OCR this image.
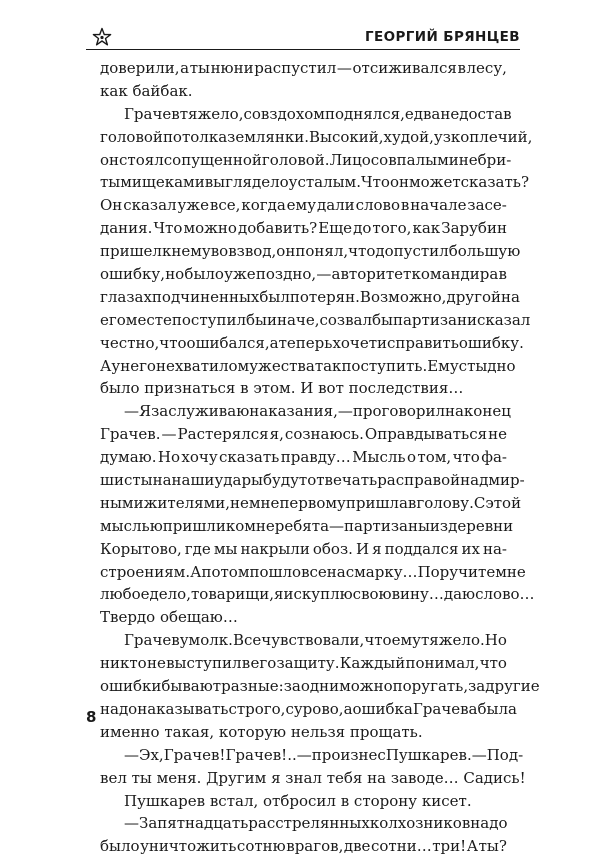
ГЕОРГИЙ БРЯНЦЕВ
доверили, а ты нюни распустил — отсиживался в лесу,
как байбак.
Грачев тяжело, со вздохом поднялся, едва не достав
головой потолка землянки. Высокий, худой, узкоплечий,
он стоял с опущенной головой. Лицо со впалыми небри-
тыми щеками выглядело усталым. Что он может сказать?
Он сказал уже все, когда ему дали слово в начале засе-
дания. Что можно добавить? Еще до того, как Зарубин
пришел к нему во взвод, он понял, что допустил большую
ошибку, но было уже поздно, — авторитет командира в
глазах подчиненных был потерян. Возможно, другой на
его месте поступил бы иначе, созвал бы партизан и сказал
честно, что ошибался, а теперь хочет исправить ошибку.
А у него не хватило мужества так поступить. Ему стыдно
было признаться в этом. И вот последствия…
— Я заслуживаю наказания, — проговорил наконец
Грачев. — Растерялся я, сознаюсь. Оправдываться не
думаю. Но хочу сказать правду… Мысль о том, что фа-
шисты на наши удары будут отвечать расправой над мир-
ными жителями, не мне первому пришла в голову. С этой
мыслью пришли ко мне ребята — партизаны из деревни
Корытово, где мы накрыли обоз. И я поддался их на-
строениям. А потом пошло все насмарку… Поручите мне
любое дело, товарищи, я искуплю свою вину… даю слово…
Твердо обещаю…
Грачев умолк. Все чувствовали, что ему тяжело. Но
никто не выступил в его защиту. Каждый понимал, что
ошибки бывают разные: за одни можно поругать, за другие
надо наказывать строго, сурово, а ошибка Грачева была
именно такая, которую нельзя прощать.
— Эх, Грачев! Грачев!.. — произнес Пушкарев. — Под-
вел ты меня. Другим я знал тебя на заводе… Садись!
Пушкарев встал, отбросил в сторону кисет.
— За пятнадцать расстрелянных колхозников надо
было уничтожить сотню врагов, две сотни… три! А ты?
8
